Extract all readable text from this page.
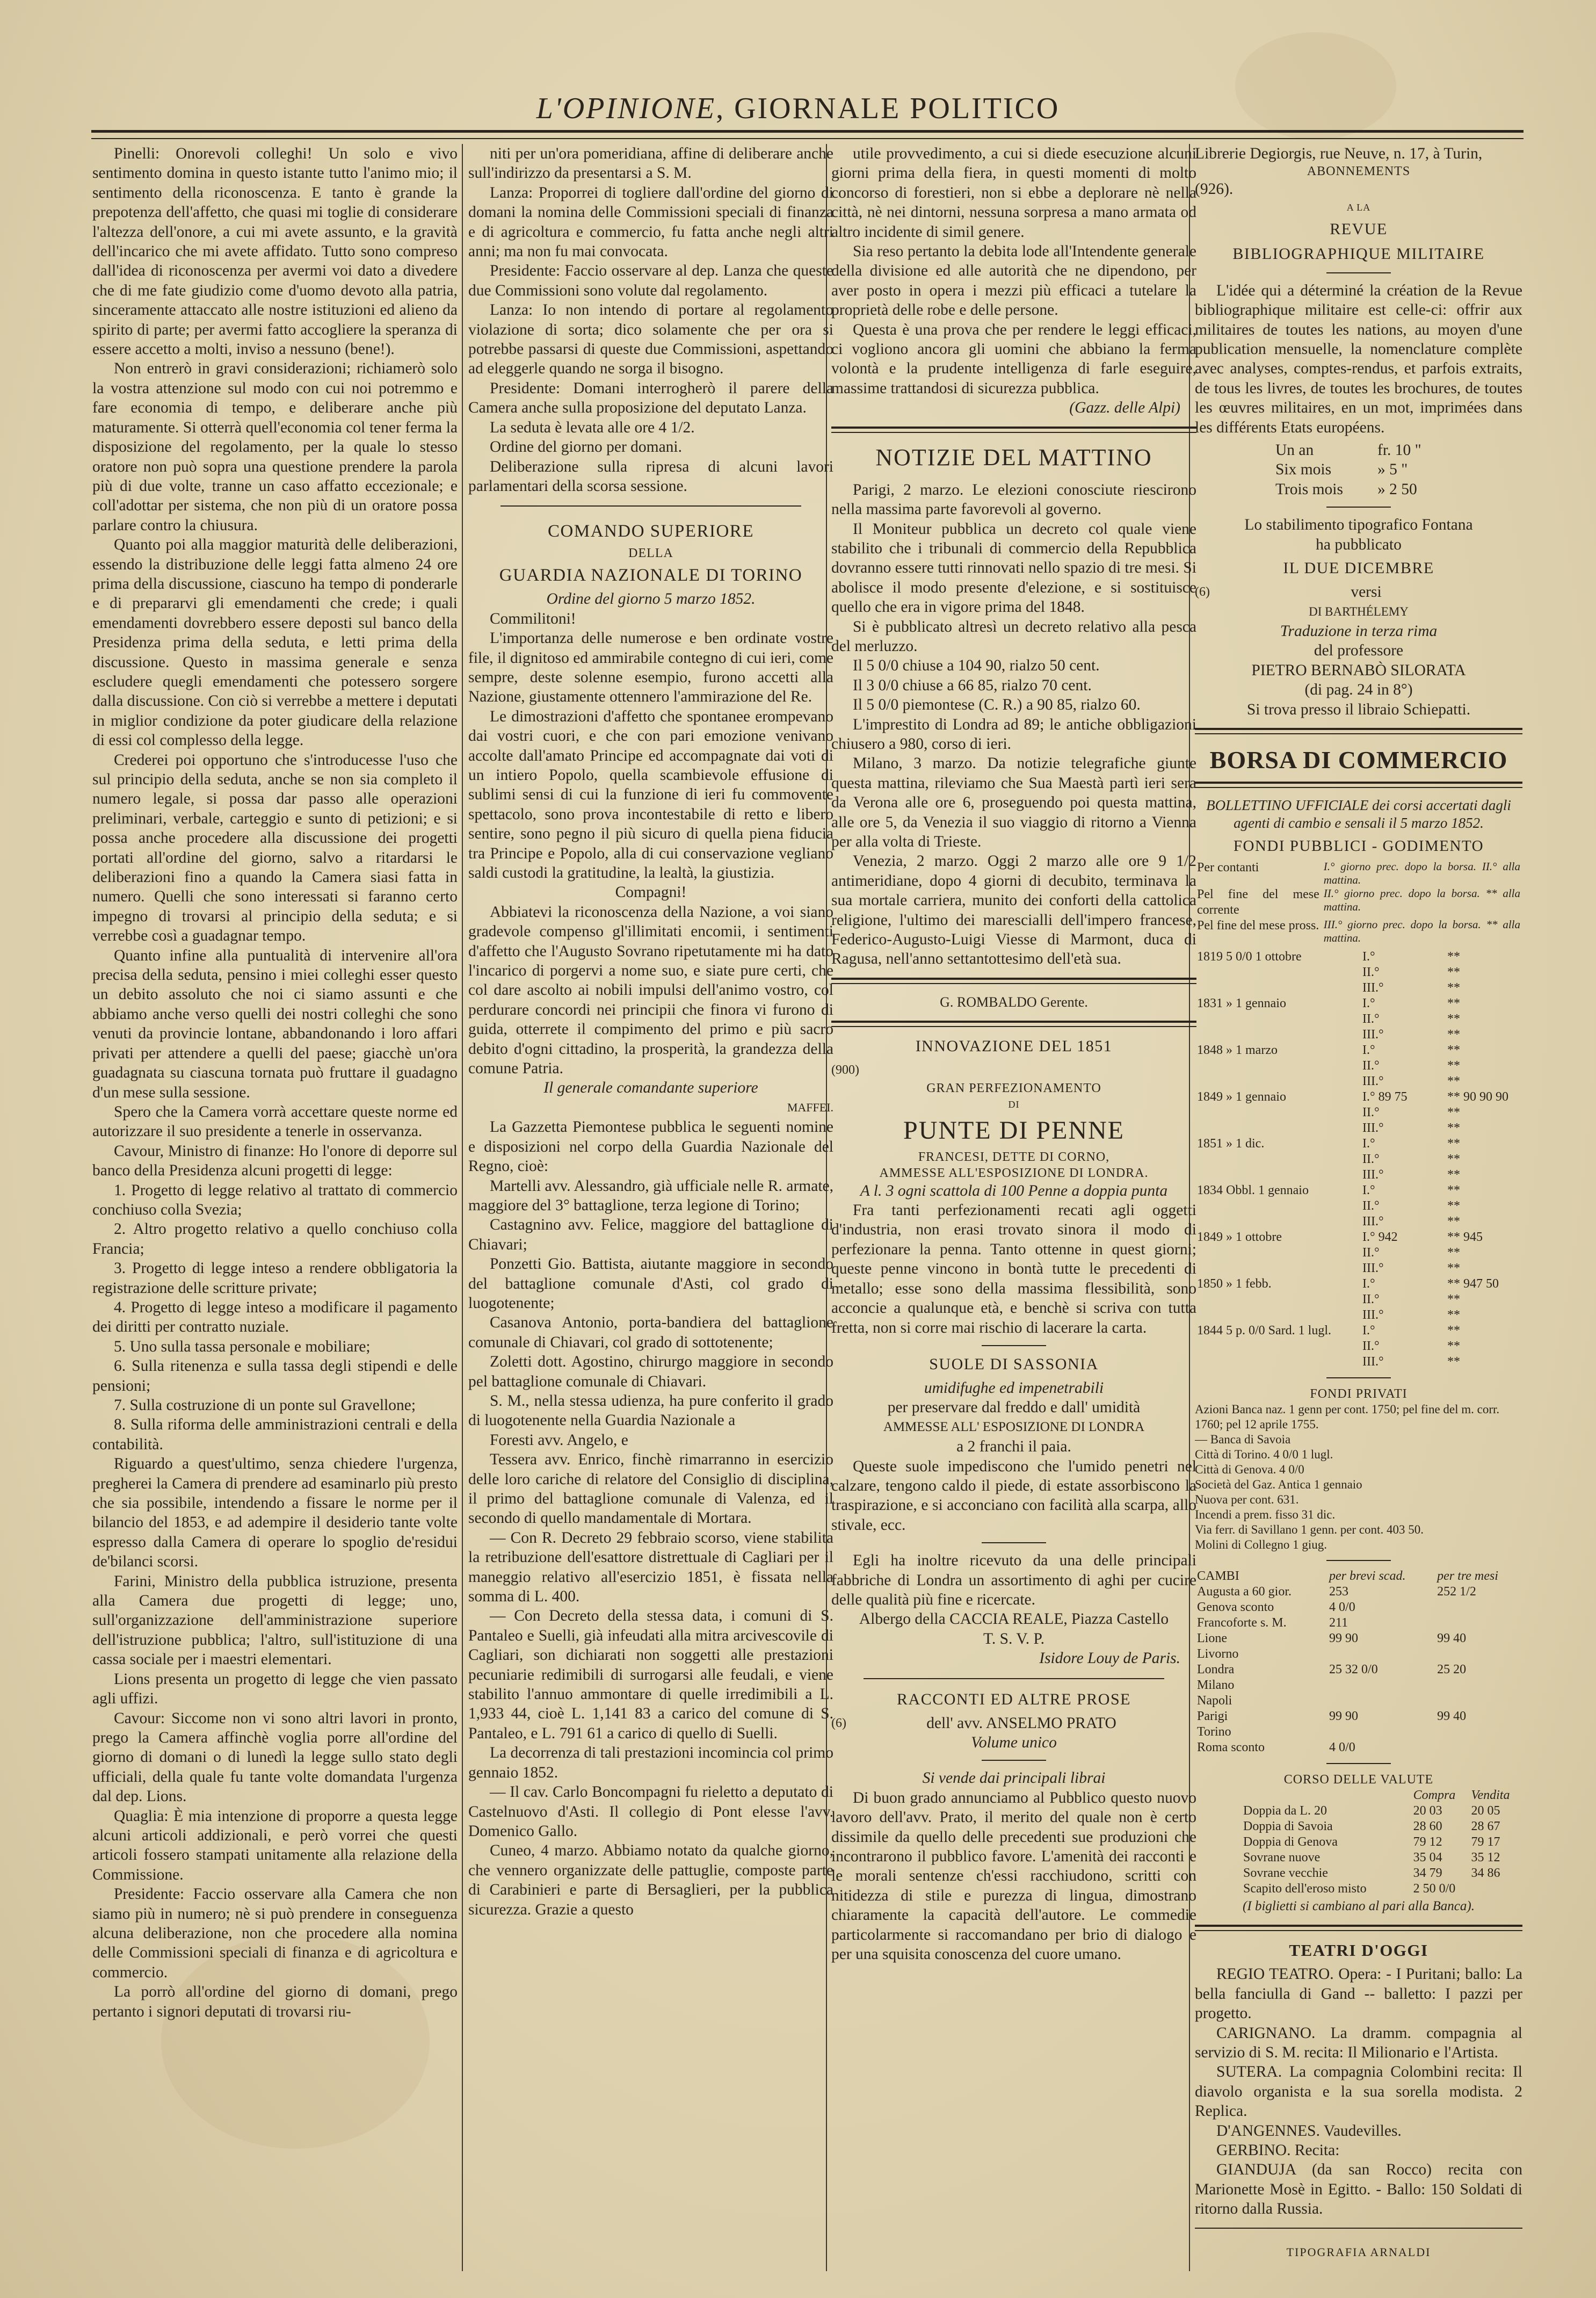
L'OPINIONE, GIORNALE POLITICO

Pinelli: Onorevoli colleghi! Un solo e vivo sentimento domina in questo istante tutto l'animo mio; il sentimento della riconoscenza. E tanto è grande la prepotenza dell'affetto, che quasi mi toglie di considerare l'altezza dell'onore, a cui mi avete assunto, e la gravità dell'incarico che mi avete affidato. Tutto sono compreso dall'idea di riconoscenza per avermi voi dato a divedere che di me fate giudizio come d'uomo devoto alla patria, sinceramente attaccato alle nostre istituzioni ed alieno da spirito di parte; per avermi fatto accogliere la speranza di essere accetto a molti, inviso a nessuno (bene!).

Non entrerò in gravi considerazioni; richiamerò solo la vostra attenzione sul modo con cui noi potremmo e fare economia di tempo, e deliberare anche più maturamente. Si otterrà quell'economia col tener ferma la disposizione del regolamento, per la quale lo stesso oratore non può sopra una questione prendere la parola più di due volte, tranne un caso affatto eccezionale; e coll'adottar per sistema, che non più di un oratore possa parlare contro la chiusura.

Quanto poi alla maggior maturità delle deliberazioni, essendo la distribuzione delle leggi fatta almeno 24 ore prima della discussione, ciascuno ha tempo di ponderarle e di prepararvi gli emendamenti che crede; i quali emendamenti dovrebbero essere deposti sul banco della Presidenza prima della seduta, e letti prima della discussione. Questo in massima generale e senza escludere quegli emendamenti che potessero sorgere dalla discussione. Con ciò si verrebbe a mettere i deputati in miglior condizione da poter giudicare della relazione di essi col complesso della legge.

Crederei poi opportuno che s'introducesse l'uso che sul principio della seduta, anche se non sia completo il numero legale, si possa dar passo alle operazioni preliminari, verbale, carteggio e sunto di petizioni; e si possa anche procedere alla discussione dei progetti portati all'ordine del giorno, salvo a ritardarsi le deliberazioni fino a quando la Camera siasi fatta in numero. Quelli che sono interessati si faranno certo impegno di trovarsi al principio della seduta; e si verrebbe così a guadagnar tempo.

Quanto infine alla puntualità di intervenire all'ora precisa della seduta, pensino i miei colleghi esser questo un debito assoluto che noi ci siamo assunti e che abbiamo anche verso quelli dei nostri colleghi che sono venuti da provincie lontane, abbandonando i loro affari privati per attendere a quelli del paese; giacchè un'ora guadagnata su ciascuna tornata può fruttare il guadagno d'un mese sulla sessione.

Spero che la Camera vorrà accettare queste norme ed autorizzare il suo presidente a tenerle in osservanza.

Cavour, Ministro di finanze: Ho l'onore di deporre sul banco della Presidenza alcuni progetti di legge:

1. Progetto di legge relativo al trattato di commercio conchiuso colla Svezia;

2. Altro progetto relativo a quello conchiuso colla Francia;

3. Progetto di legge inteso a rendere obbligatoria la registrazione delle scritture private;

4. Progetto di legge inteso a modificare il pagamento dei diritti per contratto nuziale.

5. Uno sulla tassa personale e mobiliare;

6. Sulla ritenenza e sulla tassa degli stipendi e delle pensioni;

7. Sulla costruzione di un ponte sul Gravellone;

8. Sulla riforma delle amministrazioni centrali e della contabilità.

Riguardo a quest'ultimo, senza chiedere l'urgenza, pregherei la Camera di prendere ad esaminarlo più presto che sia possibile, intendendo a fissare le norme per il bilancio del 1853, e ad adempire il desiderio tante volte espresso dalla Camera di operare lo spoglio de'residui de'bilanci scorsi.

Farini, Ministro della pubblica istruzione, presenta alla Camera due progetti di legge; uno, sull'organizzazione dell'amministrazione superiore dell'istruzione pubblica; l'altro, sull'istituzione di una cassa sociale per i maestri elementari.

Lions presenta un progetto di legge che vien passato agli uffizi.

Cavour: Siccome non vi sono altri lavori in pronto, prego la Camera affinchè voglia porre all'ordine del giorno di domani o di lunedì la legge sullo stato degli ufficiali, della quale fu tante volte domandata l'urgenza dal dep. Lions.

Quaglia: È mia intenzione di proporre a questa legge alcuni articoli addizionali, e però vorrei che questi articoli fossero stampati unitamente alla relazione della Commissione.

Presidente: Faccio osservare alla Camera che non siamo più in numero; nè si può prendere in conseguenza alcuna deliberazione, non che procedere alla nomina delle Commissioni speciali di finanza e di agricoltura e commercio.

La porrò all'ordine del giorno di domani, prego pertanto i signori deputati di trovarsi riu-

niti per un'ora pomeridiana, affine di deliberare anche sull'indirizzo da presentarsi a S. M.

Lanza: Proporrei di togliere dall'ordine del giorno di domani la nomina delle Commissioni speciali di finanza e di agricoltura e commercio, fu fatta anche negli altri anni; ma non fu mai convocata.

Presidente: Faccio osservare al dep. Lanza che queste due Commissioni sono volute dal regolamento.

Lanza: Io non intendo di portare al regolamento violazione di sorta; dico solamente che per ora si potrebbe passarsi di queste due Commissioni, aspettando ad eleggerle quando ne sorga il bisogno.

Presidente: Domani interrogherò il parere della Camera anche sulla proposizione del deputato Lanza.

La seduta è levata alle ore 4 1/2.

Ordine del giorno per domani.

Deliberazione sulla ripresa di alcuni lavori parlamentari della scorsa sessione.

COMANDO SUPERIORE
DELLA
GUARDIA NAZIONALE DI TORINO

Ordine del giorno 5 marzo 1852.

Commilitoni!

L'importanza delle numerose e ben ordinate vostre file, il dignitoso ed ammirabile contegno di cui ieri, come sempre, deste solenne esempio, furono accetti alla Nazione, giustamente ottennero l'ammirazione del Re.

Le dimostrazioni d'affetto che spontanee erompevano dai vostri cuori, e che con pari emozione venivano accolte dall'amato Principe ed accompagnate dai voti di un intiero Popolo, quella scambievole effusione di sublimi sensi di cui la funzione di ieri fu commovente spettacolo, sono prova incontestabile di retto e libero sentire, sono pegno il più sicuro di quella piena fiducia tra Principe e Popolo, alla di cui conservazione vegliano saldi custodi la gratitudine, la lealtà, la giustizia.

Compagni!

Abbiatevi la riconoscenza della Nazione, a voi siano gradevole compenso gl'illimitati encomii, i sentimenti d'affetto che l'Augusto Sovrano ripetutamente mi ha dato l'incarico di porgervi a nome suo, e siate pure certi, che col dare ascolto ai nobili impulsi dell'animo vostro, col perdurare concordi nei principii che finora vi furono di guida, otterrete il compimento del primo e più sacro debito d'ogni cittadino, la prosperità, la grandezza della comune Patria.

Il generale comandante superiore

MAFFEI.

La Gazzetta Piemontese pubblica le seguenti nomine e disposizioni nel corpo della Guardia Nazionale del Regno, cioè:

Martelli avv. Alessandro, già ufficiale nelle R. armate, maggiore del 3° battaglione, terza legione di Torino;

Castagnino avv. Felice, maggiore del battaglione di Chiavari;

Ponzetti Gio. Battista, aiutante maggiore in secondo del battaglione comunale d'Asti, col grado di luogotenente;

Casanova Antonio, porta-bandiera del battaglione comunale di Chiavari, col grado di sottotenente;

Zoletti dott. Agostino, chirurgo maggiore in secondo pel battaglione comunale di Chiavari.

S. M., nella stessa udienza, ha pure conferito il grado di luogotenente nella Guardia Nazionale a

Foresti avv. Angelo, e

Tessera avv. Enrico, finchè rimarranno in esercizio delle loro cariche di relatore del Consiglio di disciplina, il primo del battaglione comunale di Valenza, ed il secondo di quello mandamentale di Mortara.

— Con R. Decreto 29 febbraio scorso, viene stabilita la retribuzione dell'esattore distrettuale di Cagliari per il maneggio relativo all'esercizio 1851, è fissata nella somma di L. 400.

— Con Decreto della stessa data, i comuni di S. Pantaleo e Suelli, già infeudati alla mitra arcivescovile di Cagliari, son dichiarati non soggetti alle prestazioni pecuniarie redimibili di surrogarsi alle feudali, e viene stabilito l'annuo ammontare di quelle irredimibili a L. 1,933 44, cioè L. 1,141 83 a carico del comune di S. Pantaleo, e L. 791 61 a carico di quello di Suelli.

La decorrenza di tali prestazioni incomincia col primo gennaio 1852.

— Il cav. Carlo Boncompagni fu rieletto a deputato di Castelnuovo d'Asti. Il collegio di Pont elesse l'avv. Domenico Gallo.

Cuneo, 4 marzo. Abbiamo notato da qualche giorno, che vennero organizzate delle pattuglie, composte parte di Carabinieri e parte di Bersaglieri, per la pubblica sicurezza. Grazie a questo

utile provvedimento, a cui si diede esecuzione alcuni giorni prima della fiera, in questi momenti di molto concorso di forestieri, non si ebbe a deplorare nè nella città, nè nei dintorni, nessuna sorpresa a mano armata od altro incidente di simil genere.

Sia reso pertanto la debita lode all'Intendente generale della divisione ed alle autorità che ne dipendono, per aver posto in opera i mezzi più efficaci a tutelare la proprietà delle robe e delle persone.

Questa è una prova che per rendere le leggi efficaci, ci vogliono ancora gli uomini che abbiano la ferma volontà e la prudente intelligenza di farle eseguire, massime trattandosi di sicurezza pubblica.

(Gazz. delle Alpi)

NOTIZIE DEL MATTINO

Parigi, 2 marzo. Le elezioni conosciute riescirono nella massima parte favorevoli al governo.

Il Moniteur pubblica un decreto col quale viene stabilito che i tribunali di commercio della Repubblica dovranno essere tutti rinnovati nello spazio di tre mesi. Si abolisce il modo presente d'elezione, e si sostituisce quello che era in vigore prima del 1848.

Si è pubblicato altresì un decreto relativo alla pesca del merluzzo.

Il 5 0/0 chiuse a 104 90, rialzo 50 cent.

Il 3 0/0 chiuse a 66 85, rialzo 70 cent.

Il 5 0/0 piemontese (C. R.) a 90 85, rialzo 60.

L'imprestito di Londra ad 89; le antiche obbligazioni chiusero a 980, corso di ieri.

Milano, 3 marzo. Da notizie telegrafiche giunte questa mattina, rileviamo che Sua Maestà partì ieri sera da Verona alle ore 6, proseguendo poi questa mattina, alle ore 5, da Venezia il suo viaggio di ritorno a Vienna per alla volta di Trieste.

Venezia, 2 marzo. Oggi 2 marzo alle ore 9 1/2 antimeridiane, dopo 4 giorni di decubito, terminava la sua mortale carriera, munito dei conforti della cattolica religione, l'ultimo dei marescialli dell'impero francese, Federico-Augusto-Luigi Viesse di Marmont, duca di Ragusa, nell'anno settantottesimo dell'età sua.

G. ROMBALDO Gerente.

INNOVAZIONE DEL 1851

(900)

GRAN PERFEZIONAMENTO
DI
PUNTE DI PENNE
FRANCESI, DETTE DI CORNO,
AMMESSE ALL'ESPOSIZIONE DI LONDRA.

A l. 3 ogni scattola di 100 Penne a doppia punta

Fra tanti perfezionamenti recati agli oggetti d'industria, non erasi trovato sinora il modo di perfezionare la penna. Tanto ottenne in quest giorni; queste penne vincono in bontà tutte le precedenti di metallo; esse sono della massima flessibilità, sono acconcie a qualunque età, e benchè si scriva con tutta fretta, non si corre mai rischio di lacerare la carta.

SUOLE DI SASSONIA

umidifughe ed impenetrabili

per preservare dal freddo e dall' umidità

AMMESSE ALL' ESPOSIZIONE DI LONDRA

a 2 franchi il paia.

Queste suole impediscono che l'umido penetri nel calzare, tengono caldo il piede, di estate assorbiscono la traspirazione, e si acconciano con facilità alla scarpa, allo stivale, ecc.

Egli ha inoltre ricevuto da una delle principali fabbriche di Londra un assortimento di aghi per cucire delle qualità più fine e ricercate.

Albergo della CACCIA REALE, Piazza Castello

T. S. V. P.

Isidore Louy de Paris.

RACCONTI ED ALTRE PROSE

(6)	dell' avv. ANSELMO PRATO

Volume unico

Si vende dai principali librai

Di buon grado annunciamo al Pubblico questo nuovo lavoro dell'avv. Prato, il merito del quale non è certo dissimile da quello delle precedenti sue produzioni che incontrarono il pubblico favore. L'amenità dei racconti e le morali sentenze ch'essi racchiudono, scritti con nitidezza di stile e purezza di lingua, dimostrano chiaramente la capacità dell'autore. Le commedie particolarmente si raccomandano per brio di dialogo e per una squisita conoscenza del cuore umano.

Librerie Degiorgis, rue Neuve, n. 17, à Turin,

ABONNEMENTS

(926).

A LA
REVUE
BIBLIOGRAPHIQUE MILITAIRE

L'idée qui a déterminé la création de la Revue bibliographique militaire est celle-ci: offrir aux militaires de toutes les nations, au moyen d'une publication mensuelle, la nomenclature complète avec analyses, comptes-rendus, et parfois extraits, de tous les livres, de toutes les brochures, de toutes les œuvres militaires, en un mot, imprimées dans les différents Etats européens.

Un an	fr. 10 "
Six mois	» 5 "
Trois mois » 2 50

Lo stabilimento tipografico Fontana

ha pubblicato

IL DUE DICEMBRE

(6)	versi

DI BARTHÉLEMY

Traduzione in terza rima

del professore

PIETRO BERNABÒ SILORATA

(di pag. 24 in 8°)

Si trova presso il libraio Schiepatti.

BORSA DI COMMERCIO

BOLLETTINO UFFICIALE dei corsi accertati dagli agenti di cambio e sensali il 5 marzo 1852.

FONDI PUBBLICI - GODIMENTO
Per contanti	I.° giorno prec. dopo la borsa. II.° alla mattina.
Pel fine del mese corrente	II.° giorno prec. dopo la borsa. ** alla mattina.
Pel fine del mese pross.	III.° giorno prec. dopo la borsa. ** alla mattina.
1819 5 0/0 1 ottobre	I.°	**
	II.°	**
	III.°	**
1831 » 1 gennaio	I.°	**
	II.°	**
	III.°	**
1848 » 1 marzo	I.°	**
	II.°	**
	III.°	**
1849 » 1 gennaio	I.° 89 75	** 90 90 90
	II.°	**
	III.°	**
1851 » 1 dic.	I.°	**
	II.°	**
	III.°	**
1834 Obbl. 1 gennaio	I.°	**
	II.°	**
	III.°	**
1849 » 1 ottobre	I.° 942	** 945
	II.°	**
	III.°	**
1850 » 1 febb.	I.°	** 947 50
	II.°	**
	III.°	**
1844 5 p. 0/0 Sard. 1 lugl.	I.°	**
	II.°	**
	III.°	**
FONDI PRIVATI

Azioni Banca naz. 1 genn per cont. 1750; pel fine del m. corr. 1760; pel 12 aprile 1755.

— Banca di Savoia

Città di Torino. 4 0/0 1 lugl.

Città di Genova. 4 0/0

Società del Gaz. Antica 1 gennaio

Nuova per cont. 631.

Incendi a prem. fisso 31 dic.

Via ferr. di Savillano 1 genn. per cont. 403 50.

Molini di Collegno 1 giug.

CAMBI	per brevi scad.	per tre mesi
Augusta a 60 gior.	253	252 1/2
Genova sconto	4 0/0	
Francoforte s. M.	211	
Lione	99 90	99 40
Livorno		
Londra	25 32 0/0	25 20
Milano		
Napoli		
Parigi	99 90	99 40
Torino		
Roma sconto	4 0/0	
CORSO DELLE VALUTE
	Compra	Vendita
Doppia da L. 20	20 03	20 05
Doppia di Savoia	28 60	28 67
Doppia di Genova	79 12	79 17
Sovrane nuove	35 04	35 12
Sovrane vecchie	34 79	34 86
Scapito dell'eroso misto	2 50 0/0	

(I biglietti si cambiano al pari alla Banca).

TEATRI D'OGGI

REGIO TEATRO. Opera: - I Puritani; ballo: La bella fanciulla di Gand -- balletto: I pazzi per progetto.

CARIGNANO. La dramm. compagnia al servizio di S. M. recita: Il Milionario e l'Artista.

SUTERA. La compagnia Colombini recita: Il diavolo organista e la sua sorella modista. 2 Replica.

D'ANGENNES. Vaudevilles.

GERBINO. Recita:

GIANDUJA (da san Rocco) recita con Marionette Mosè in Egitto. - Ballo: 150 Soldati di ritorno dalla Russia.

TIPOGRAFIA ARNALDI
